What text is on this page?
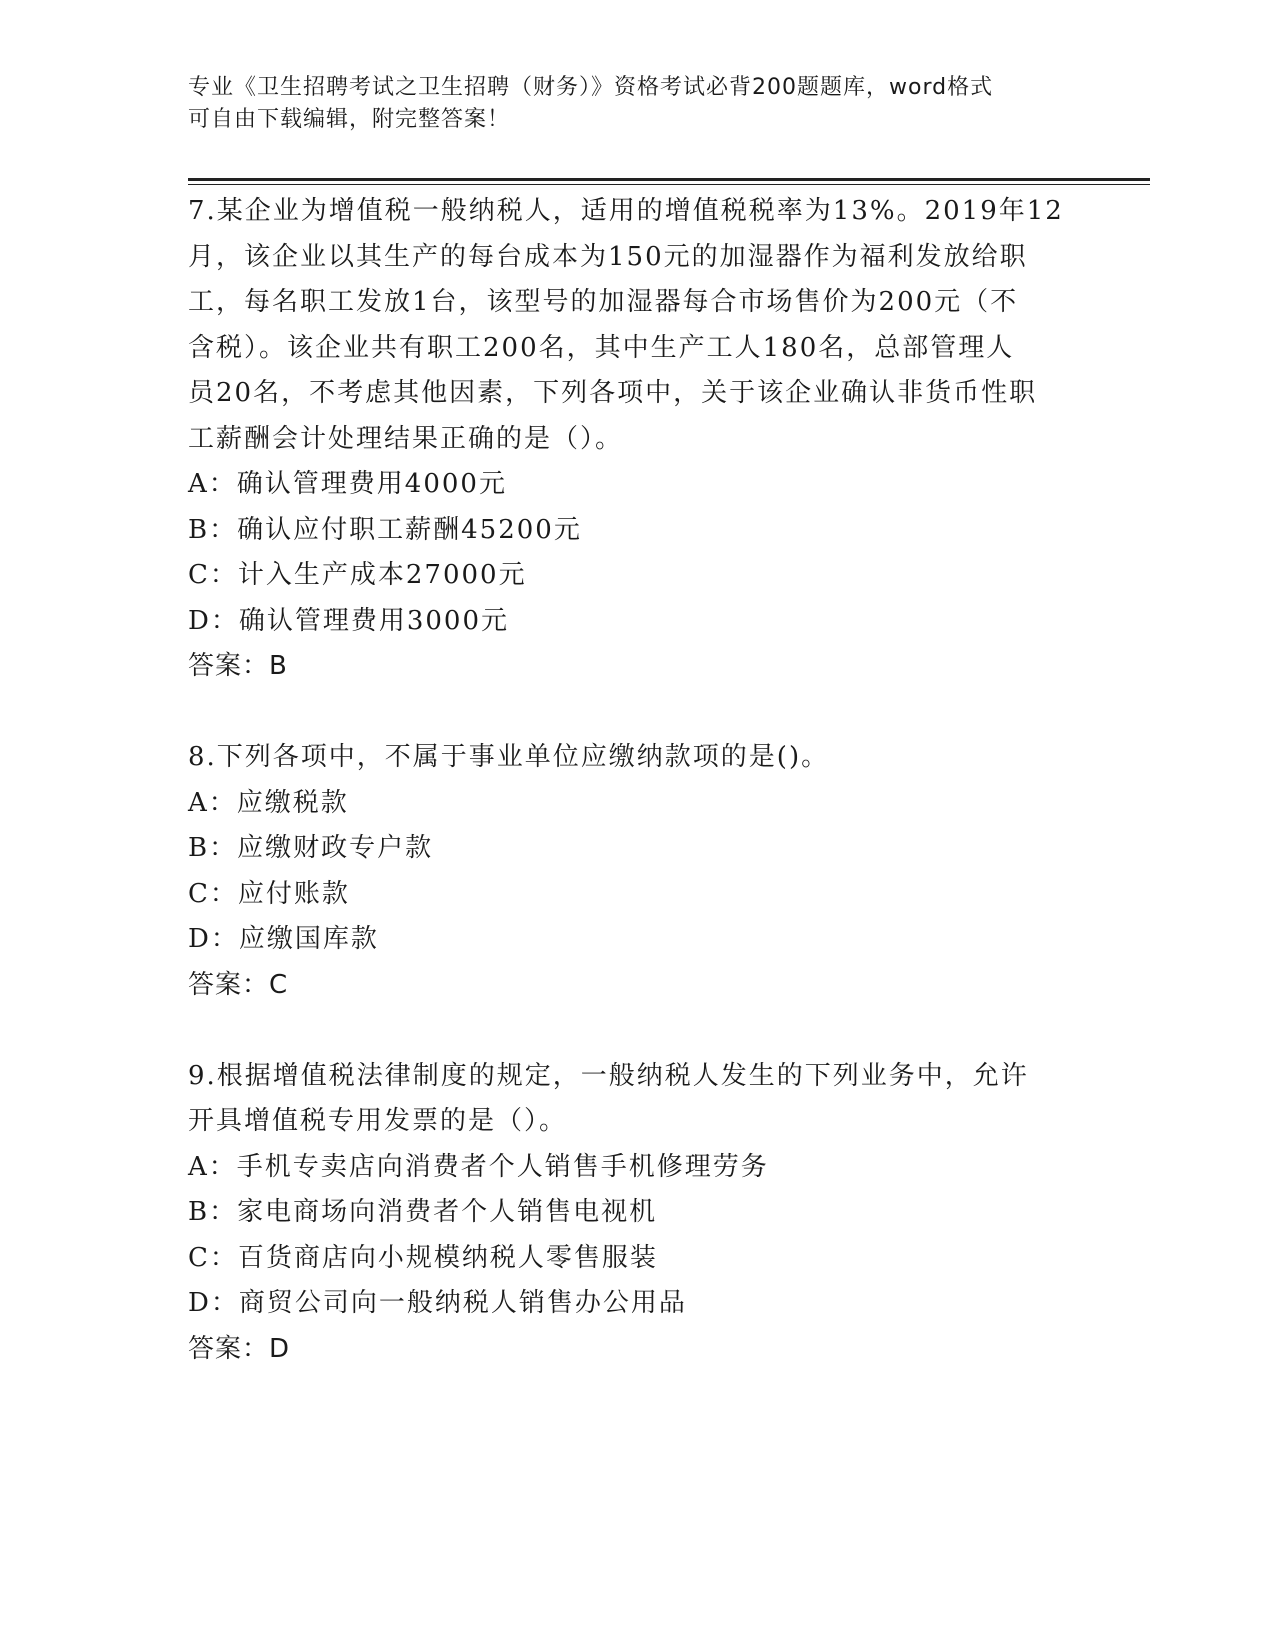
专业《卫生招聘考试之卫生招聘（财务）》资格考试必背200题题库，word格式
可自由下载编辑，附完整答案！
7.某企业为增值税一般纳税人，适用的增值税税率为13%。2019年12
月，该企业以其生产的每台成本为150元的加湿器作为福利发放给职
工，每名职工发放1台，该型号的加湿器每合市场售价为200元（不
含税）。该企业共有职工200名，其中生产工人180名，总部管理人
员20名，不考虑其他因素，下列各项中，关于该企业确认非货币性职
工薪酬会计处理结果正确的是（）。
A：确认管理费用4000元
B：确认应付职工薪酬45200元
C：计入生产成本27000元
D：确认管理费用3000元
答案：B
8.下列各项中，不属于事业单位应缴纳款项的是()。
A：应缴税款
B：应缴财政专户款
C：应付账款
D：应缴国库款
答案：C
9.根据增值税法律制度的规定，一般纳税人发生的下列业务中，允许
开具增值税专用发票的是（）。
A：手机专卖店向消费者个人销售手机修理劳务
B：家电商场向消费者个人销售电视机
C：百货商店向小规模纳税人零售服装
D：商贸公司向一般纳税人销售办公用品
答案：D
